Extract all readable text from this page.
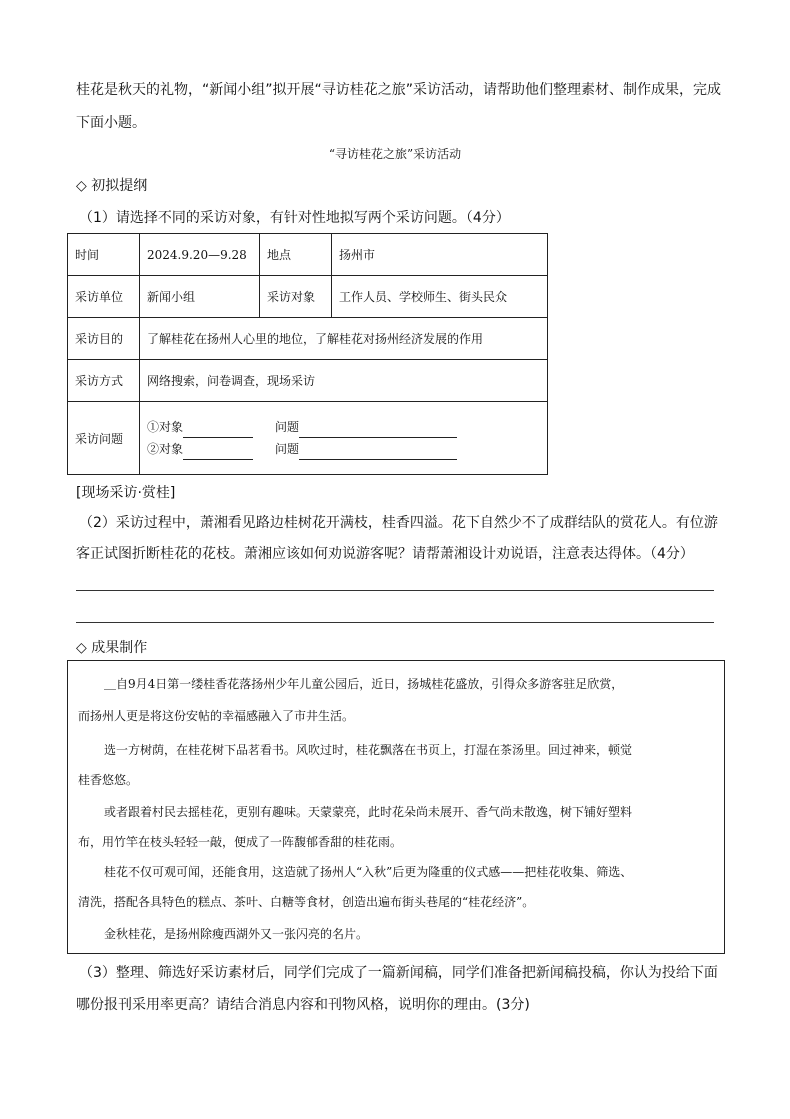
桂花是秋天的礼物，“新闻小组”拟开展“寻访桂花之旅”采访活动，请帮助他们整理素材、制作成果，完成
下面小题。
“寻访桂花之旅”采访活动
◇ 初拟提纲
（1）请选择不同的采访对象，有针对性地拟写两个采访问题。（4分）
时间	2024.9.20—9.28	地点	扬州市
采访单位	新闻小组	采访对象	工作人员、学校师生、街头民众
采访目的	了解桂花在扬州人心里的地位，了解桂花对扬州经济发展的作用		
采访方式	网络搜索，问卷调查，现场采访		
采访问题	①对象 问题
②对象 问题		
[现场采访·赏桂]
（2）采访过程中，萧湘看见路边桂树花开满枝，桂香四溢。花下自然少不了成群结队的赏花人。有位游
客正试图折断桂花的花枝。萧湘应该如何劝说游客呢？请帮萧湘设计劝说语，注意表达得体。（4分）
◇ 成果制作
＿自9月4日第一缕桂香花落扬州少年儿童公园后，近日，扬城桂花盛放，引得众多游客驻足欣赏，
而扬州人更是将这份安帖的幸福感融入了市井生活。
选一方树荫，在桂花树下品茗看书。风吹过时，桂花飘落在书页上，打湿在茶汤里。回过神来，顿觉
桂香悠悠。
或者跟着村民去摇桂花，更别有趣味。天蒙蒙亮，此时花朵尚未展开、香气尚未散逸，树下铺好塑料
布，用竹竿在枝头轻轻一敲，便成了一阵馥郁香甜的桂花雨。
桂花不仅可观可闻，还能食用，这造就了扬州人“入秋”后更为隆重的仪式感——把桂花收集、筛选、
清洗，搭配各具特色的糕点、茶叶、白糖等食材，创造出遍布街头巷尾的“桂花经济”。
金秋桂花，是扬州除瘦西湖外又一张闪亮的名片。
（3）整理、筛选好采访素材后，同学们完成了一篇新闻稿，同学们准备把新闻稿投稿，你认为投给下面
哪份报刊采用率更高？请结合消息内容和刊物风格，说明你的理由。(3分)
